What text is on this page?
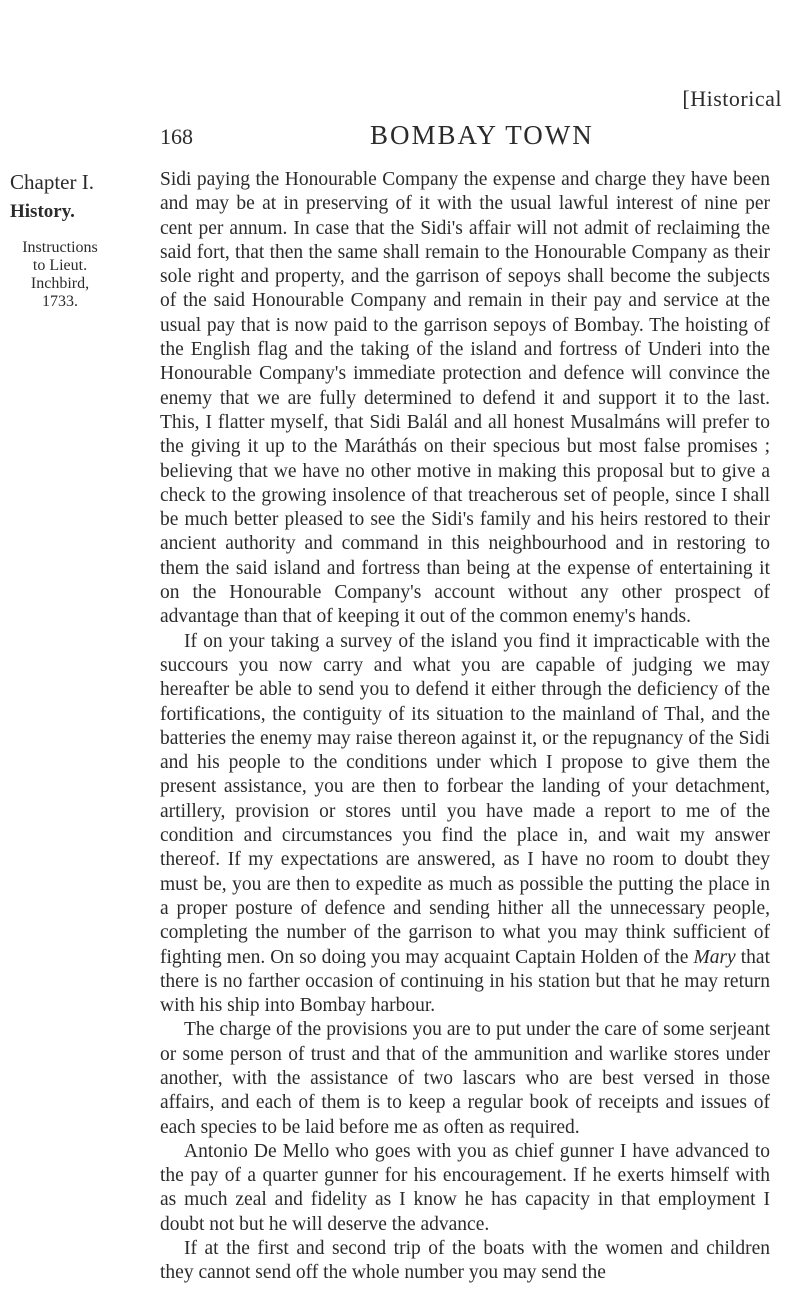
[Historical
168	BOMBAY TOWN
Chapter I.
History.
Instructions
to Lieut.
Inchbird,
1733.

Sidi paying the Honourable Company the expense and charge they have been and may be at in preserving of it with the usual lawful interest of nine per cent per annum. In case that the Sidi's affair will not admit of reclaiming the said fort, that then the same shall remain to the Honourable Company as their sole right and property, and the garrison of sepoys shall become the subjects of the said Honourable Company and remain in their pay and service at the usual pay that is now paid to the garrison sepoys of Bombay. The hoisting of the English flag and the taking of the island and fortress of Underi into the Honourable Company's immediate protection and defence will convince the enemy that we are fully determined to defend it and support it to the last. This, I flatter myself, that Sidi Balál and all honest Musalmáns will prefer to the giving it up to the Maráthás on their specious but most false promises ; believing that we have no other motive in making this proposal but to give a check to the growing insolence of that treacherous set of people, since I shall be much better pleased to see the Sidi's family and his heirs restored to their ancient authority and command in this neighbourhood and in restoring to them the said island and fortress than being at the expense of entertaining it on the Honourable Company's account without any other prospect of advantage than that of keeping it out of the common enemy's hands.

If on your taking a survey of the island you find it impracticable with the succours you now carry and what you are capable of judging we may hereafter be able to send you to defend it either through the deficiency of the fortifications, the contiguity of its situation to the mainland of Thal, and the batteries the enemy may raise thereon against it, or the repugnancy of the Sidi and his people to the conditions under which I propose to give them the present assistance, you are then to forbear the landing of your detachment, artillery, provision or stores until you have made a report to me of the condition and circumstances you find the place in, and wait my answer thereof. If my expectations are answered, as I have no room to doubt they must be, you are then to expedite as much as possible the putting the place in a proper posture of defence and sending hither all the unnecessary people, completing the number of the garrison to what you may think sufficient of fighting men. On so doing you may acquaint Captain Holden of the Mary that there is no farther occasion of continuing in his station but that he may return with his ship into Bombay harbour.

The charge of the provisions you are to put under the care of some serjeant or some person of trust and that of the ammunition and warlike stores under another, with the assistance of two lascars who are best versed in those affairs, and each of them is to keep a regular book of receipts and issues of each species to be laid before me as often as required.

Antonio De Mello who goes with you as chief gunner I have advanced to the pay of a quarter gunner for his encouragement. If he exerts himself with as much zeal and fidelity as I know he has capacity in that employment I doubt not but he will deserve the advance.

If at the first and second trip of the boats with the women and children they cannot send off the whole number you may send the
